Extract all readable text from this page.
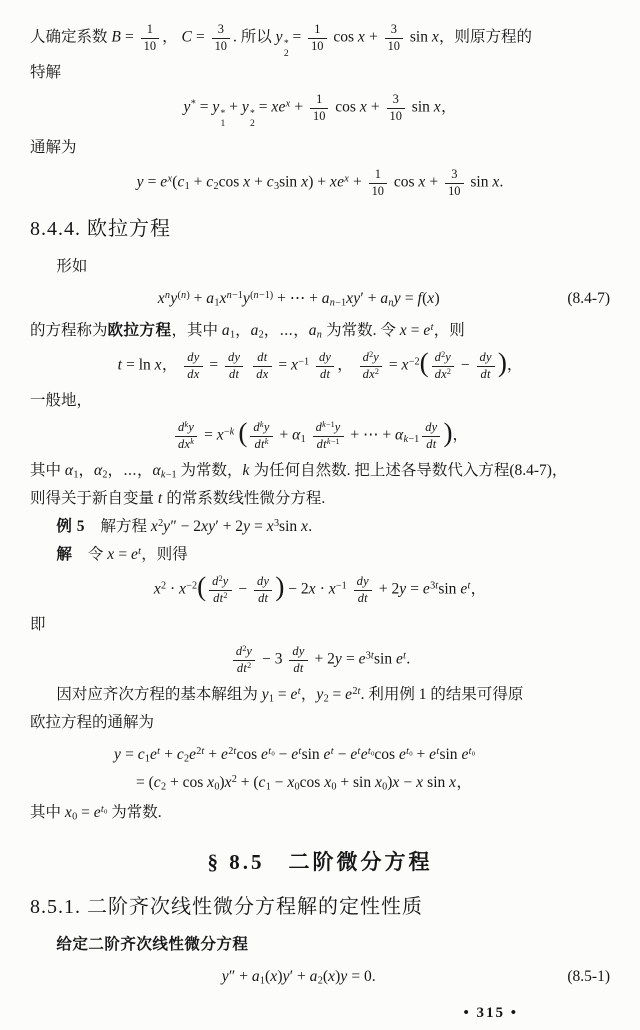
人确定系数 $B = \frac{1}{10}$ ， $C = \frac{3}{10}$ . 所以 y *
2
= $\frac{1}{10}$ $\cos x + \frac{3}{10}$ sin x，则原方程的
特解
y* = y *
1
+ y *
2
= $xe^x + \frac{1}{10}$ $\cos x + \frac{3}{10}$ sin x，
通解为
$y = e^x(c_1 + c_2\cos$ $x + c_3\sin$ $x) + xe^x + \frac{1}{10}$ $\cos x + \frac{3}{10}$ sin x.
8.4.4. 欧拉方程
形如
$x^ny^{(n)} + a_1x^{n-1}y^{(n-1)}$ + ⋯ + $a_{n-1}xy' + a_ny = f(x)$	(8.4-7)
的方程称为欧拉方程，其中 $a_1$，$a_2$，⋯，$a_n$ 为常数. 令 $x = e^t$，则
t = ln x， $\frac{dy}{dx} = \frac{dy}{dt}$
$\frac{dt}{dx} = x^{-1} \frac{dy}{dt}$ ， $\frac{d^2y}{dx^2} = x^{-2}( \frac{d^2y}{dx^2} - \frac{dy}{dt}$ )，
一般地，
$\frac{d^ky}{dx^k} = x^{-k}$ ( $\frac{d^ky}{dt^k} + \alpha_1 \frac{d^{k-1}y}{dt^{k-1}}$ + ⋯ + $\alpha_{k-1} \frac{dy}{dt}$ )，
其中 $\alpha_1$，$\alpha_2$，⋯，$\alpha_{k-1}$ 为常数，k 为任何自然数. 把上述各导数代入方程(8.4-7)，
则得关于新自变量 t 的常系数线性微分方程.
例 5　解方程 $x^2y'' - 2xy' + 2y = x^3\sin$ x.
解　令 $x = e^t$，则得
$x^2 \cdot x^{-2}( \frac{d^2y}{dt^2} - \frac{dy}{dt}$ ) − $2x \cdot x^{-1} \frac{dy}{dt} + 2y = e^{3t}\sin$ $e^t$，
即
$\frac{d^2y}{dt^2} - 3 \frac{dy}{dt} + 2y = e^{3t}\sin$ $e^t$.
因对应齐次方程的基本解组为 $y_1 = e^t$，$y_2 = e^{2t}$. 利用例 1 的结果可得原
欧拉方程的通解为
$y = c_1e^t + c_2e^{2t} + e^{2t}\cos$ $e^{t_0} - e^t\sin$ $e^t - e^te^{t_0}\cos$ $e^{t_0} + e^t\sin$ $e^{t_0}$
= $(c_2 + \cos x_0)x^2 + (c_1 - x_0\cos$ $x_0 + \sin x_0)x - x$ sin x，
其中 $x_0 = e^{t_0}$ 为常数.
§ 8.5　二阶微分方程
8.5.1. 二阶齐次线性微分方程解的定性性质
给定二阶齐次线性微分方程
$y'' + a_1(x)y' + a_2(x)y = 0$.	(8.5-1)
• 315 •
